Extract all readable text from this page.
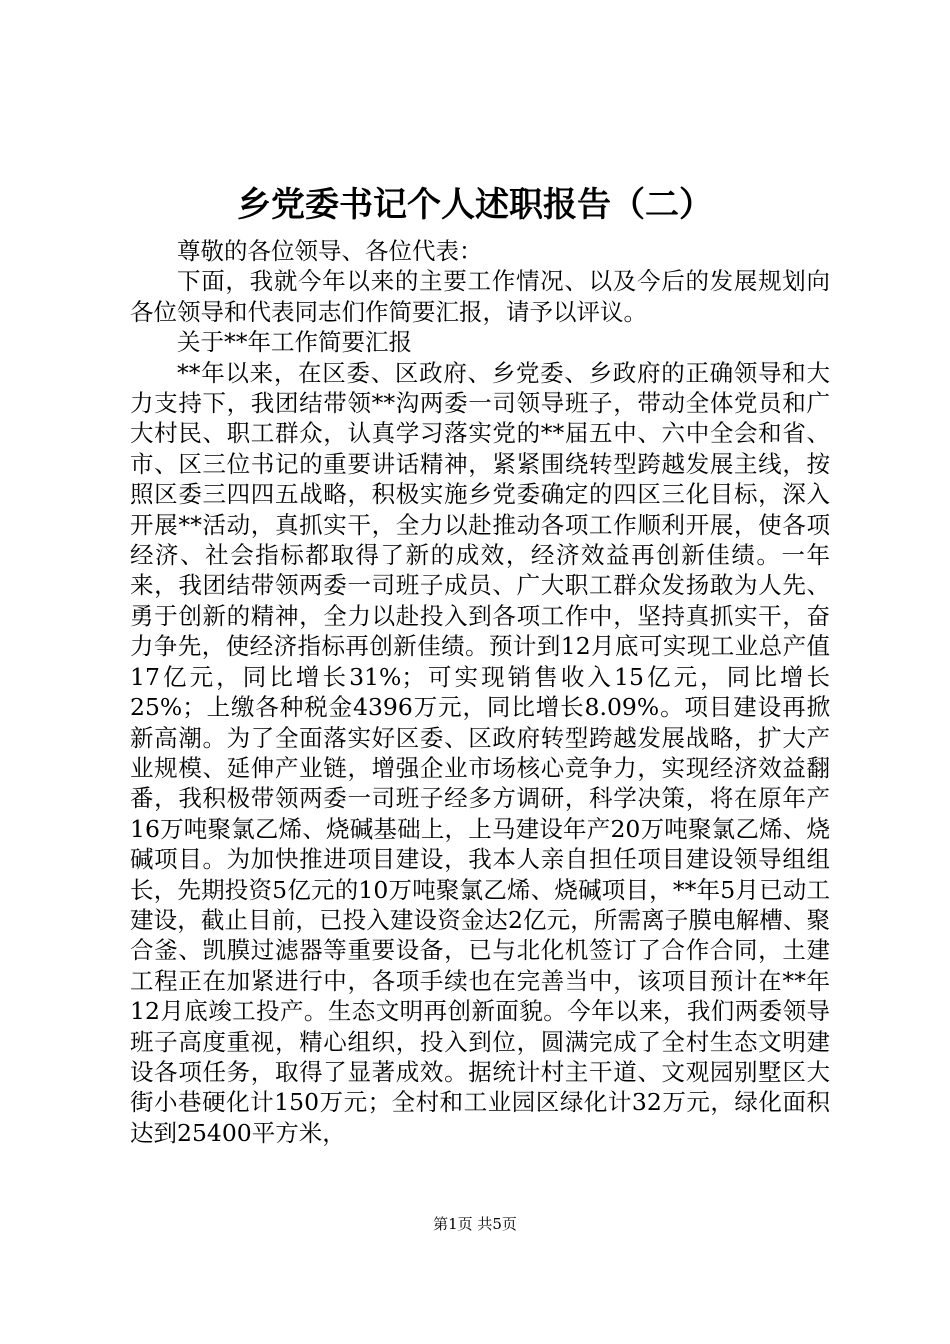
乡党委书记个人述职报告（二）

尊敬的各位领导、各位代表：

下面，我就今年以来的主要工作情况、以及今后的发展规划向各位领导和代表同志们作简要汇报，请予以评议。

关于**年工作简要汇报

**年以来，在区委、区政府、乡党委、乡政府的正确领导和大力支持下，我团结带领**沟两委一司领导班子，带动全体党员和广大村民、职工群众，认真学习落实党的**届五中、六中全会和省、市、区三位书记的重要讲话精神，紧紧围绕转型跨越发展主线，按照区委三四四五战略，积极实施乡党委确定的四区三化目标，深入开展**活动，真抓实干，全力以赴推动各项工作顺利开展，使各项经济、社会指标都取得了新的成效，经济效益再创新佳绩。一年来，我团结带领两委一司班子成员、广大职工群众发扬敢为人先、勇于创新的精神，全力以赴投入到各项工作中，坚持真抓实干，奋力争先，使经济指标再创新佳绩。预计到12月底可实现工业总产值17亿元，同比增长31%；可实现销售收入15亿元，同比增长25%；上缴各种税金4396万元，同比增长8.09%。项目建设再掀新高潮。为了全面落实好区委、区政府转型跨越发展战略，扩大产业规模、延伸产业链，增强企业市场核心竞争力，实现经济效益翻番，我积极带领两委一司班子经多方调研，科学决策，将在原年产16万吨聚氯乙烯、烧碱基础上，上马建设年产20万吨聚氯乙烯、烧碱项目。为加快推进项目建设，我本人亲自担任项目建设领导组组长，先期投资5亿元的10万吨聚氯乙烯、烧碱项目，**年5月已动工建设，截止目前，已投入建设资金达2亿元，所需离子膜电解槽、聚合釜、凯膜过滤器等重要设备，已与北化机签订了合作合同，土建工程正在加紧进行中，各项手续也在完善当中，该项目预计在**年12月底竣工投产。生态文明再创新面貌。今年以来，我们两委领导班子高度重视，精心组织，投入到位，圆满完成了全村生态文明建设各项任务，取得了显著成效。据统计村主干道、文观园别墅区大街小巷硬化计150万元；全村和工业园区绿化计32万元，绿化面积达到25400平方米，

第1页 共5页
